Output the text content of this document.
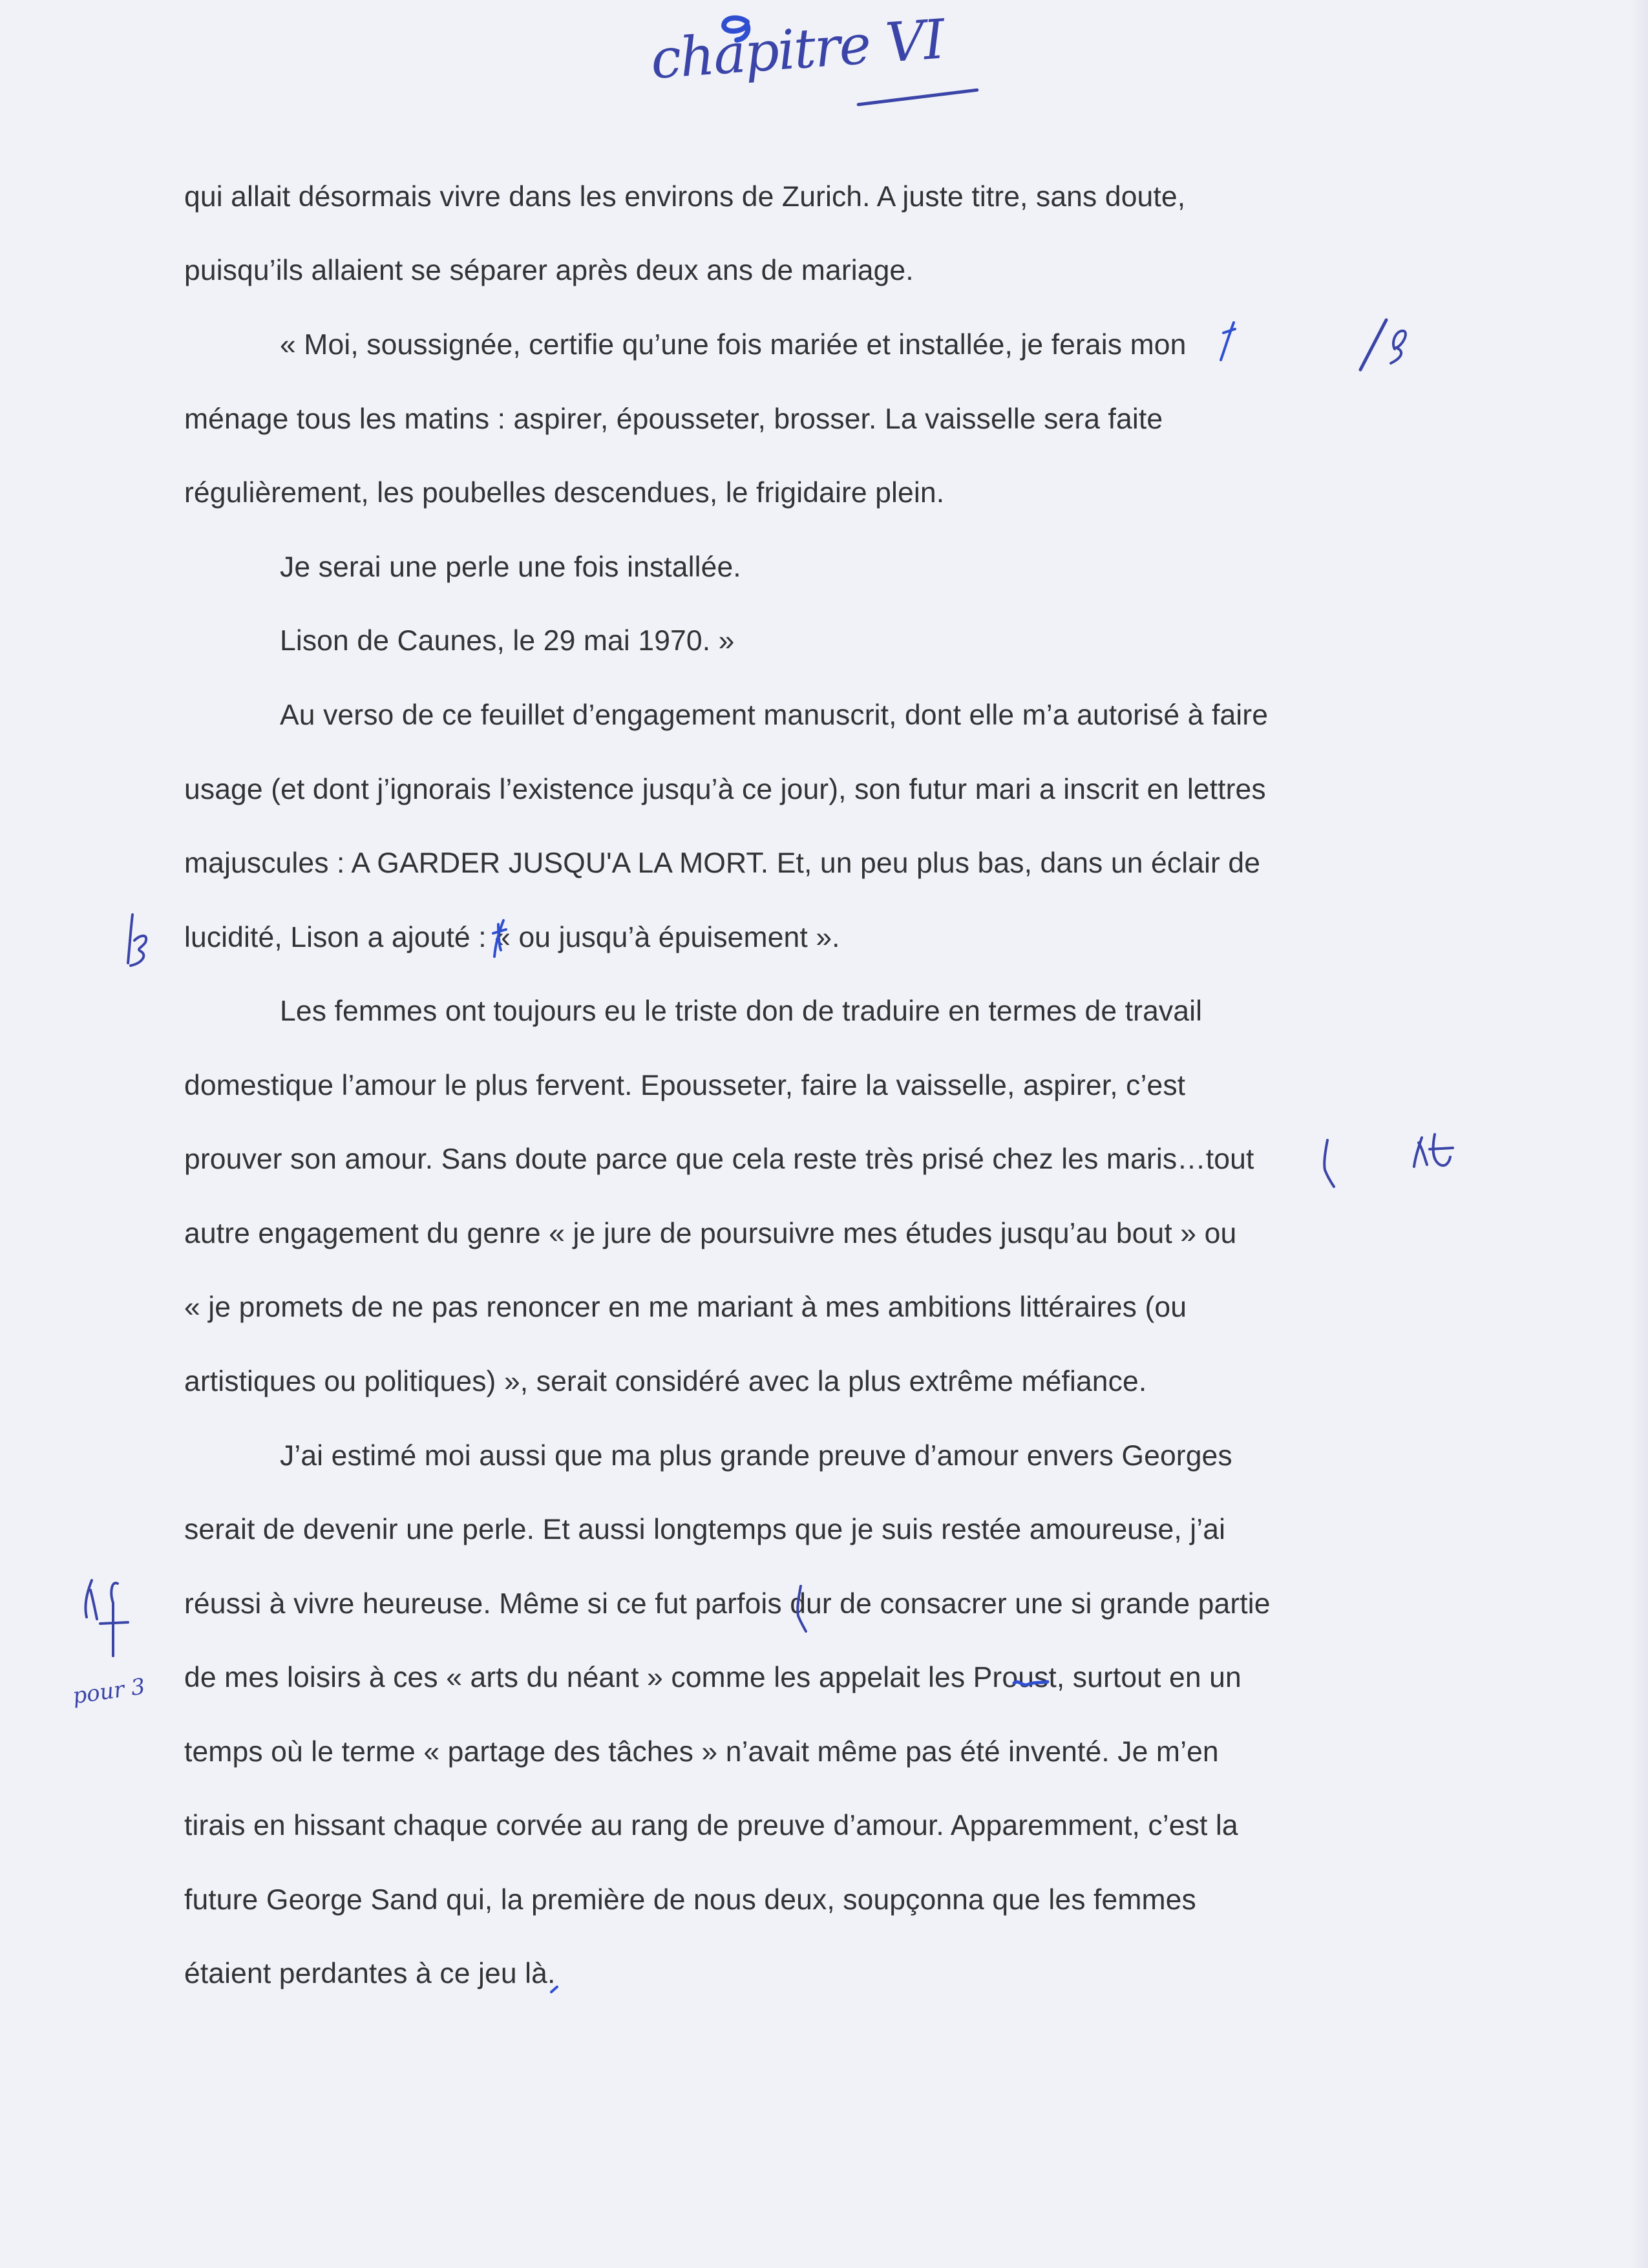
chapitre VI
pour 3
qui allait désormais vivre dans les environs de Zurich. A juste titre, sans doute,
puisqu’ils allaient se séparer après deux ans de mariage.
« Moi, soussignée, certifie qu’une fois mariée et installée, je ferais mon
ménage tous les matins : aspirer, épousseter, brosser. La vaisselle sera faite
régulièrement, les poubelles descendues, le frigidaire plein.
Je serai une perle une fois installée.
Lison de Caunes, le 29 mai 1970. »
Au verso de ce feuillet d’engagement manuscrit, dont elle m’a autorisé à faire
usage (et dont j’ignorais l’existence jusqu’à ce jour), son futur mari a inscrit en lettres
majuscules : A GARDER JUSQU'A LA MORT. Et, un peu plus bas, dans un éclair de
lucidité, Lison a ajouté : « ou jusqu’à épuisement ».
Les femmes ont toujours eu le triste don de traduire en termes de travail
domestique l’amour le plus fervent. Epousseter, faire la vaisselle, aspirer, c’est
prouver son amour. Sans doute parce que cela reste très prisé chez les maris…tout
autre engagement du genre « je jure de poursuivre mes études jusqu’au bout » ou
« je promets de ne pas renoncer en me mariant à mes ambitions littéraires (ou
artistiques ou politiques) », serait considéré avec la plus extrême méfiance.
J’ai estimé moi aussi que ma plus grande preuve d’amour envers Georges
serait de devenir une perle. Et aussi longtemps que je suis restée amoureuse, j’ai
réussi à vivre heureuse. Même si ce fut parfois dur de consacrer une si grande partie
de mes loisirs à ces « arts du néant » comme les appelait les Proust, surtout en un
temps où le terme « partage des tâches » n’avait même pas été inventé. Je m’en
tirais en hissant chaque corvée au rang de preuve d’amour. Apparemment, c’est la
future George Sand qui, la première de nous deux, soupçonna que les femmes
étaient perdantes à ce jeu là.
